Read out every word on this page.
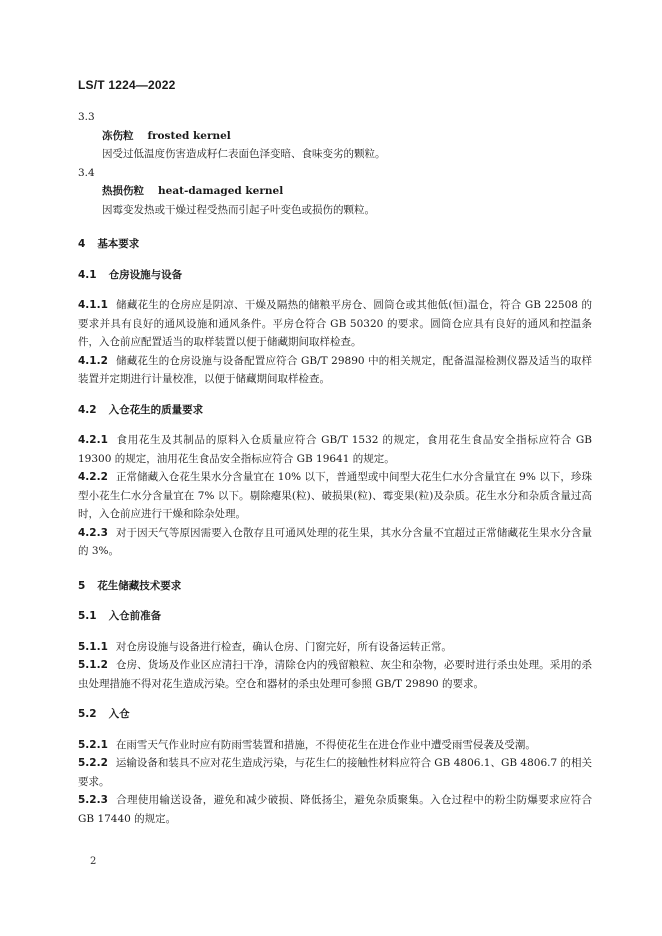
LS/T 1224—2022
3.3
冻伤粒 frosted kernel
因受过低温度伤害造成籽仁表面色泽变暗、食味变劣的颗粒。
3.4
热损伤粒 heat-damaged kernel
因霉变发热或干燥过程受热而引起子叶变色或损伤的颗粒。
4 基本要求
4.1 仓房设施与设备

4.1.1 储藏花生的仓房应是阴凉、干燥及隔热的储粮平房仓、圆筒仓或其他低(恒)温仓，符合 GB 22508 的要求并具有良好的通风设施和通风条件。平房仓符合 GB 50320 的要求。圆筒仓应具有良好的通风和控温条件，入仓前应配置适当的取样装置以便于储藏期间取样检查。

4.1.2 储藏花生的仓房设施与设备配置应符合 GB/T 29890 中的相关规定，配备温湿检测仪器及适当的取样装置并定期进行计量校准，以便于储藏期间取样检查。

4.2 入仓花生的质量要求

4.2.1 食用花生及其制品的原料入仓质量应符合 GB/T 1532 的规定，食用花生食品安全指标应符合 GB 19300 的规定，油用花生食品安全指标应符合 GB 19641 的规定。

4.2.2 正常储藏入仓花生果水分含量宜在 10% 以下，普通型或中间型大花生仁水分含量宜在 9% 以下，珍珠型小花生仁水分含量宜在 7% 以下。剔除瘪果(粒)、破损果(粒)、霉变果(粒)及杂质。花生水分和杂质含量过高时，入仓前应进行干燥和除杂处理。

4.2.3 对于因天气等原因需要入仓散存且可通风处理的花生果，其水分含量不宜超过正常储藏花生果水分含量的 3%。

5 花生储藏技术要求
5.1 入仓前准备

5.1.1 对仓房设施与设备进行检查，确认仓房、门窗完好，所有设备运转正常。

5.1.2 仓房、货场及作业区应清扫干净，清除仓内的残留粮粒、灰尘和杂物，必要时进行杀虫处理。采用的杀虫处理措施不得对花生造成污染。空仓和器材的杀虫处理可参照 GB/T 29890 的要求。

5.2 入仓

5.2.1 在雨雪天气作业时应有防雨雪装置和措施，不得使花生在进仓作业中遭受雨雪侵袭及受潮。

5.2.2 运输设备和装具不应对花生造成污染，与花生仁的接触性材料应符合 GB 4806.1、GB 4806.7 的相关要求。

5.2.3 合理使用输送设备，避免和减少破损、降低扬尘，避免杂质聚集。入仓过程中的粉尘防爆要求应符合 GB 17440 的规定。

2
